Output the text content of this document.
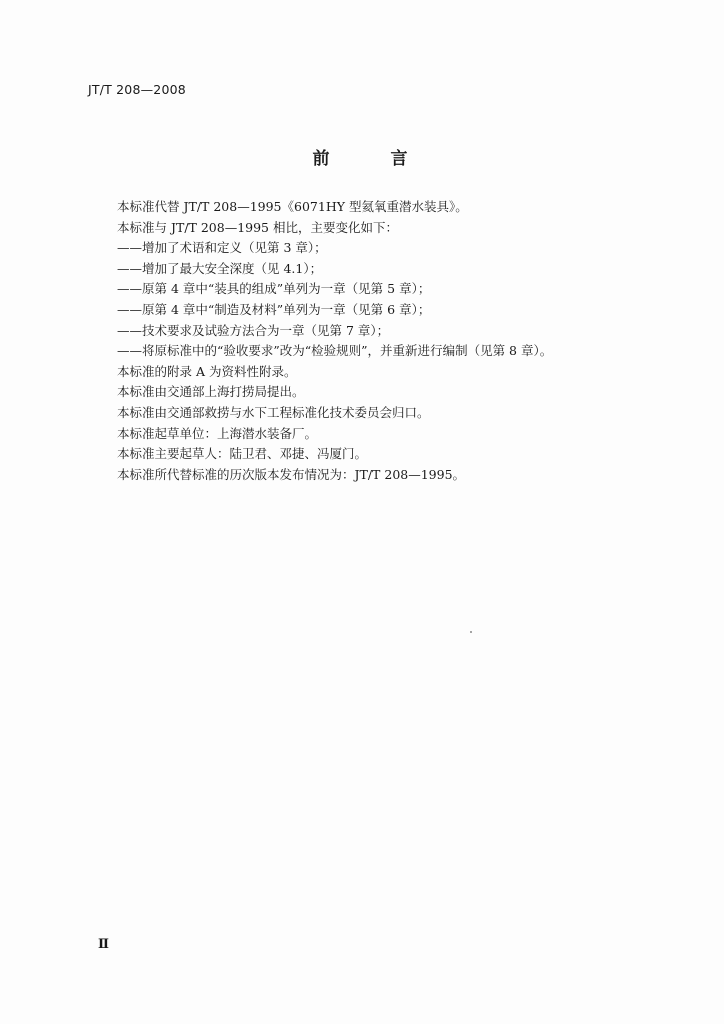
JT/T 208—2008
前　言
本标准代替 JT/T 208—1995《6071HY 型氦氧重潜水装具》。
本标准与 JT/T 208—1995 相比，主要变化如下：
——增加了术语和定义（见第 3 章）；
——增加了最大安全深度（见 4.1）；
——原第 4 章中“装具的组成”单列为一章（见第 5 章）；
——原第 4 章中“制造及材料”单列为一章（见第 6 章）；
——技术要求及试验方法合为一章（见第 7 章）；
——将原标准中的“验收要求”改为“检验规则”，并重新进行编制（见第 8 章）。
本标准的附录 A 为资料性附录。
本标准由交通部上海打捞局提出。
本标准由交通部救捞与水下工程标准化技术委员会归口。
本标准起草单位：上海潜水装备厂。
本标准主要起草人：陆卫君、邓捷、冯厦门。
本标准所代替标准的历次版本发布情况为：JT/T 208—1995。
Ⅱ
